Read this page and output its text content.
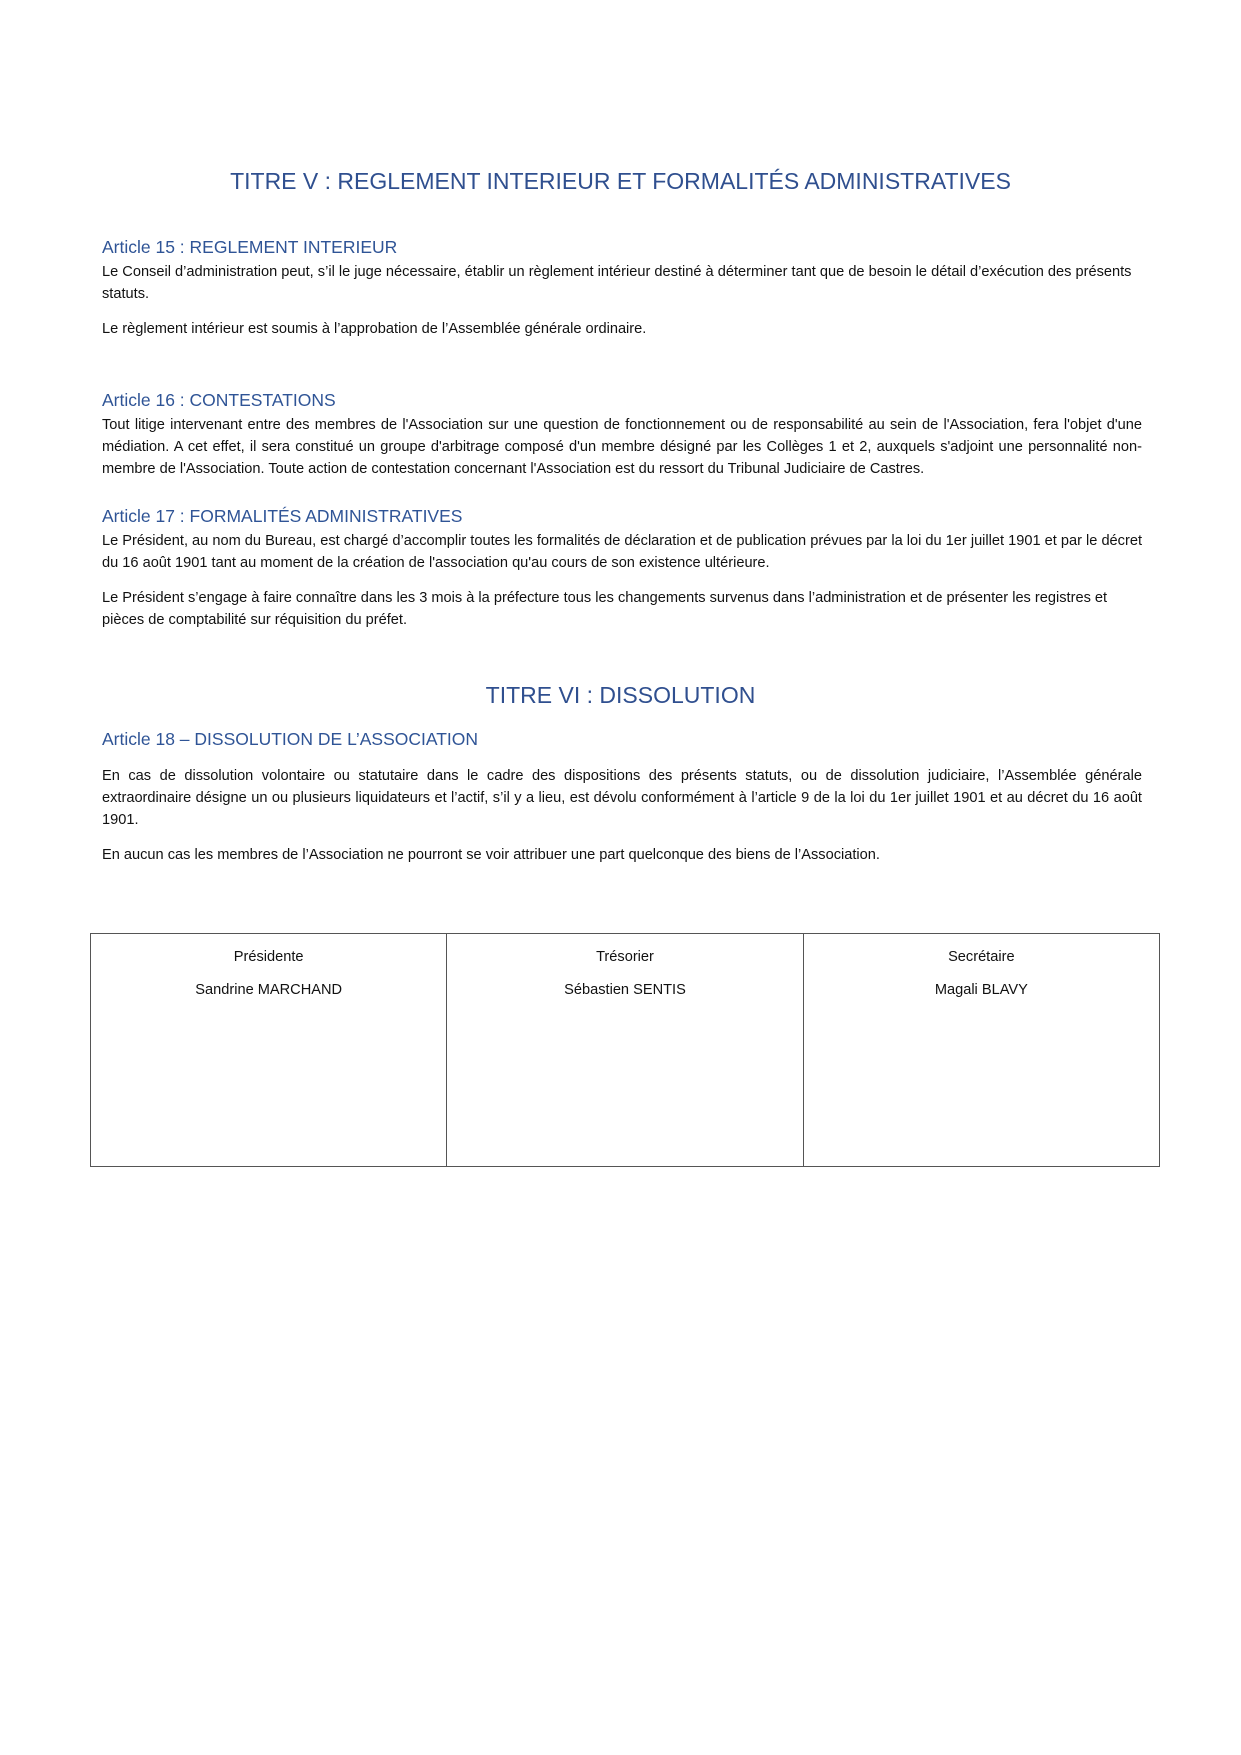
TITRE V : REGLEMENT INTERIEUR ET FORMALITÉS ADMINISTRATIVES
Article 15 : REGLEMENT INTERIEUR

Le Conseil d’administration peut, s’il le juge nécessaire, établir un règlement intérieur destiné à déterminer tant que de besoin le détail d’exécution des présents statuts.

Le règlement intérieur est soumis à l’approbation de l’Assemblée générale ordinaire.

Article 16 : CONTESTATIONS

Tout litige intervenant entre des membres de l'Association sur une question de fonctionnement ou de responsabilité au sein de l'Association, fera l'objet d'une médiation. A cet effet, il sera constitué un groupe d'arbitrage composé d'un membre désigné par les Collèges 1 et 2, auxquels s'adjoint une personnalité non-membre de l'Association. Toute action de contestation concernant l'Association est du ressort du Tribunal Judiciaire de Castres.

Article 17 : FORMALITÉS ADMINISTRATIVES

Le Président, au nom du Bureau, est chargé d’accomplir toutes les formalités de déclaration et de publication prévues par la loi du 1er juillet 1901 et par le décret du 16 août 1901 tant au moment de la création de l'association qu'au cours de son existence ultérieure.

Le Président s’engage à faire connaître dans les 3 mois à la préfecture tous les changements survenus dans l’administration et de présenter les registres et pièces de comptabilité sur réquisition du préfet.

TITRE VI : DISSOLUTION
Article 18 – DISSOLUTION DE L’ASSOCIATION

En cas de dissolution volontaire ou statutaire dans le cadre des dispositions des présents statuts, ou de dissolution judiciaire, l’Assemblée générale extraordinaire désigne un ou plusieurs liquidateurs et l’actif, s’il y a lieu, est dévolu conformément à l’article 9 de la loi du 1er juillet 1901 et au décret du 16 août 1901.

En aucun cas les membres de l’Association ne pourront se voir attribuer une part quelconque des biens de l’Association.

Présidente
Sandrine MARCHAND

Trésorier
Sébastien SENTIS

Secrétaire
Magali BLAVY
